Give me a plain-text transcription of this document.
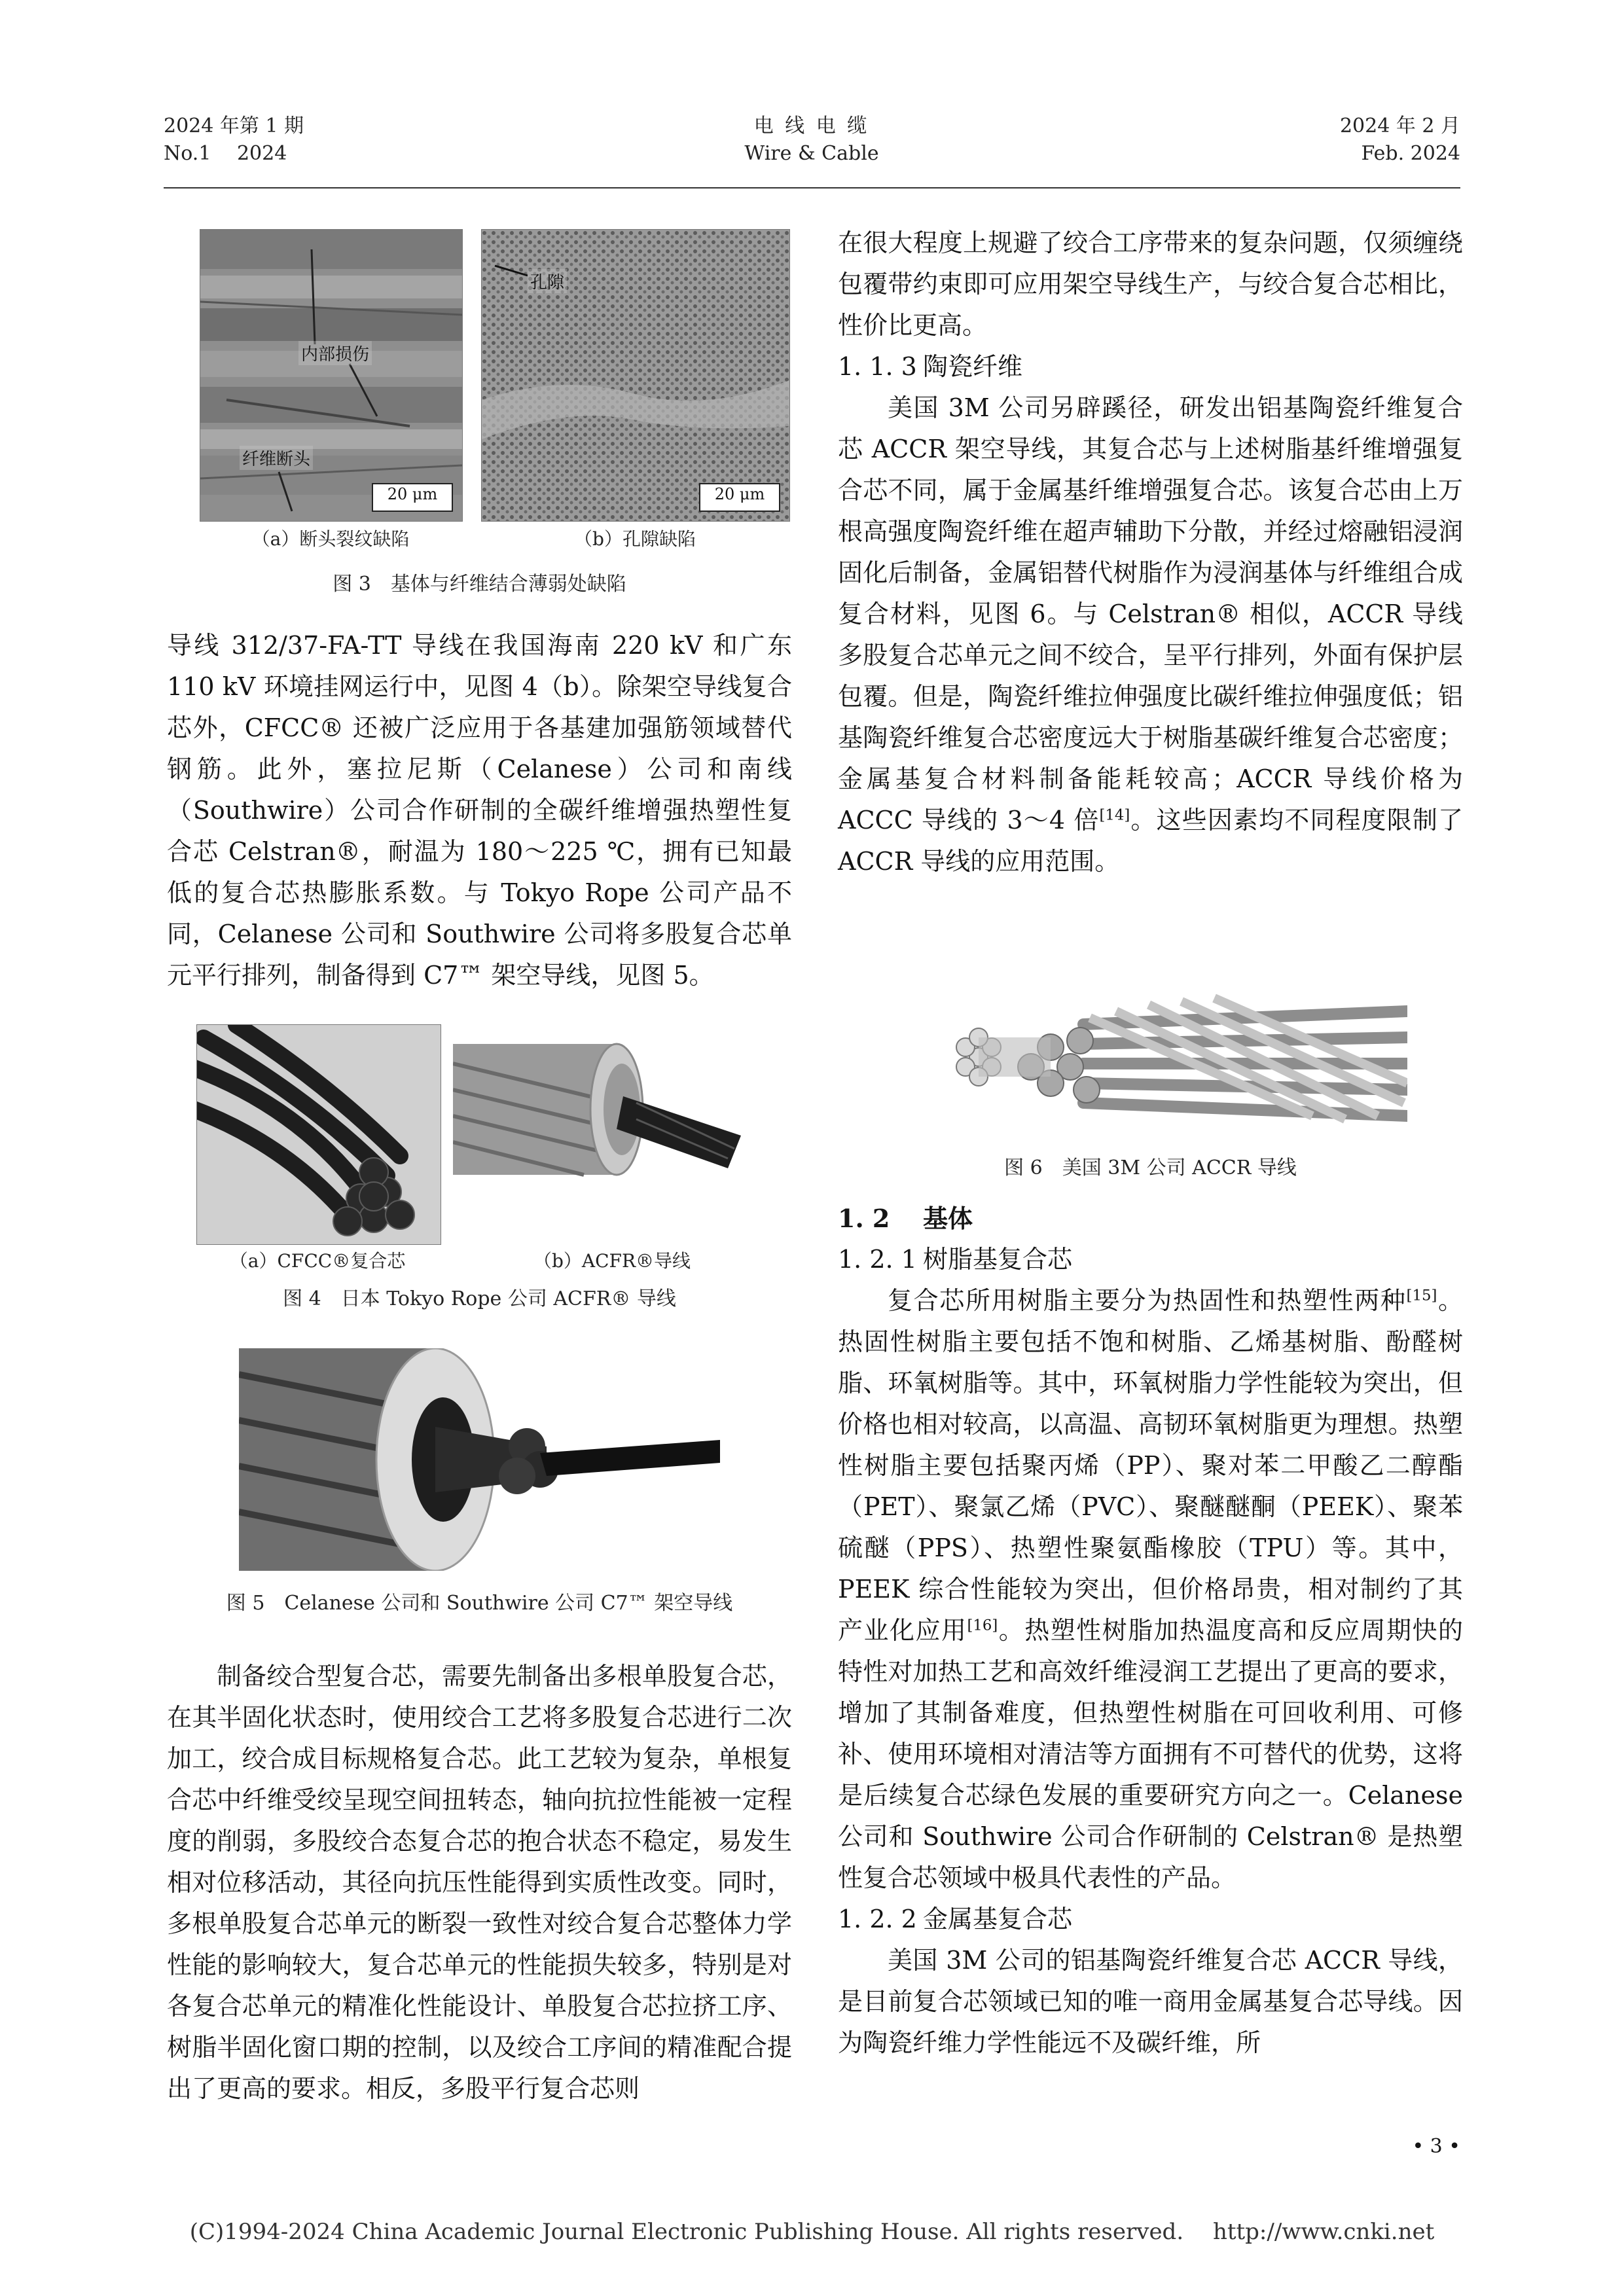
2024 年第 1 期
No.1　 2024
电 线 电 缆
Wire & Cable
2024 年 2 月
Feb. 2024
内部损伤
纤维断头
20 μm
孔隙
20 μm
（a）断头裂纹缺陷	（b）孔隙缺陷
图 3　基体与纤维结合薄弱处缺陷

导线 312/37-FA-TT 导线在我国海南 220 kV 和广东 110 kV 环境挂网运行中，见图 4（b）。除架空导线复合芯外，CFCC® 还被广泛应用于各基建加强筋领域替代钢筋。此外，塞拉尼斯（Celanese）公司和南线（Southwire）公司合作研制的全碳纤维增强热塑性复合芯 Celstran®，耐温为 180～225 ℃，拥有已知最低的复合芯热膨胀系数。与 Tokyo Rope 公司产品不同，Celanese 公司和 Southwire 公司将多股复合芯单元平行排列，制备得到 C7™ 架空导线，见图 5。

（a）CFCC®复合芯	（b）ACFR®导线
图 4　日本 Tokyo Rope 公司 ACFR® 导线
图 5　Celanese 公司和 Southwire 公司 C7™ 架空导线

制备绞合型复合芯，需要先制备出多根单股复合芯，在其半固化状态时，使用绞合工艺将多股复合芯进行二次加工，绞合成目标规格复合芯。此工艺较为复杂，单根复合芯中纤维受绞呈现空间扭转态，轴向抗拉性能被一定程度的削弱，多股绞合态复合芯的抱合状态不稳定，易发生相对位移活动，其径向抗压性能得到实质性改变。同时，多根单股复合芯单元的断裂一致性对绞合复合芯整体力学性能的影响较大，复合芯单元的性能损失较多，特别是对各复合芯单元的精准化性能设计、单股复合芯拉挤工序、树脂半固化窗口期的控制，以及绞合工序间的精准配合提出了更高的要求。相反，多股平行复合芯则

在很大程度上规避了绞合工序带来的复杂问题，仅须缠绕包覆带约束即可应用架空导线生产，与绞合复合芯相比，性价比更高。

1. 1. 3 陶瓷纤维

美国 3M 公司另辟蹊径，研发出铝基陶瓷纤维复合芯 ACCR 架空导线，其复合芯与上述树脂基纤维增强复合芯不同，属于金属基纤维增强复合芯。该复合芯由上万根高强度陶瓷纤维在超声辅助下分散，并经过熔融铝浸润固化后制备，金属铝替代树脂作为浸润基体与纤维组合成复合材料，见图 6。与 Celstran® 相似，ACCR 导线多股复合芯单元之间不绞合，呈平行排列，外面有保护层包覆。但是，陶瓷纤维拉伸强度比碳纤维拉伸强度低；铝基陶瓷纤维复合芯密度远大于树脂基碳纤维复合芯密度；金属基复合材料制备能耗较高；ACCR 导线价格为 ACCC 导线的 3～4 倍[14]。这些因素均不同程度限制了 ACCR 导线的应用范围。

图 6　美国 3M 公司 ACCR 导线
1. 2 基体
1. 2. 1 树脂基复合芯

复合芯所用树脂主要分为热固性和热塑性两种[15]。热固性树脂主要包括不饱和树脂、乙烯基树脂、酚醛树脂、环氧树脂等。其中，环氧树脂力学性能较为突出，但价格也相对较高，以高温、高韧环氧树脂更为理想。热塑性树脂主要包括聚丙烯（PP）、聚对苯二甲酸乙二醇酯（PET）、聚氯乙烯（PVC）、聚醚醚酮（PEEK）、聚苯硫醚（PPS）、热塑性聚氨酯橡胶（TPU）等。其中，PEEK 综合性能较为突出，但价格昂贵，相对制约了其产业化应用[16]。热塑性树脂加热温度高和反应周期快的特性对加热工艺和高效纤维浸润工艺提出了更高的要求，增加了其制备难度，但热塑性树脂在可回收利用、可修补、使用环境相对清洁等方面拥有不可替代的优势，这将是后续复合芯绿色发展的重要研究方向之一。Celanese 公司和 Southwire 公司合作研制的 Celstran® 是热塑性复合芯领域中极具代表性的产品。

1. 2. 2 金属基复合芯

美国 3M 公司的铝基陶瓷纤维复合芯 ACCR 导线，是目前复合芯领域已知的唯一商用金属基复合芯导线。因为陶瓷纤维力学性能远不及碳纤维，所

• 3 •
(C)1994-2024 China Academic Journal Electronic Publishing House. All rights reserved.　 http://www.cnki.net
